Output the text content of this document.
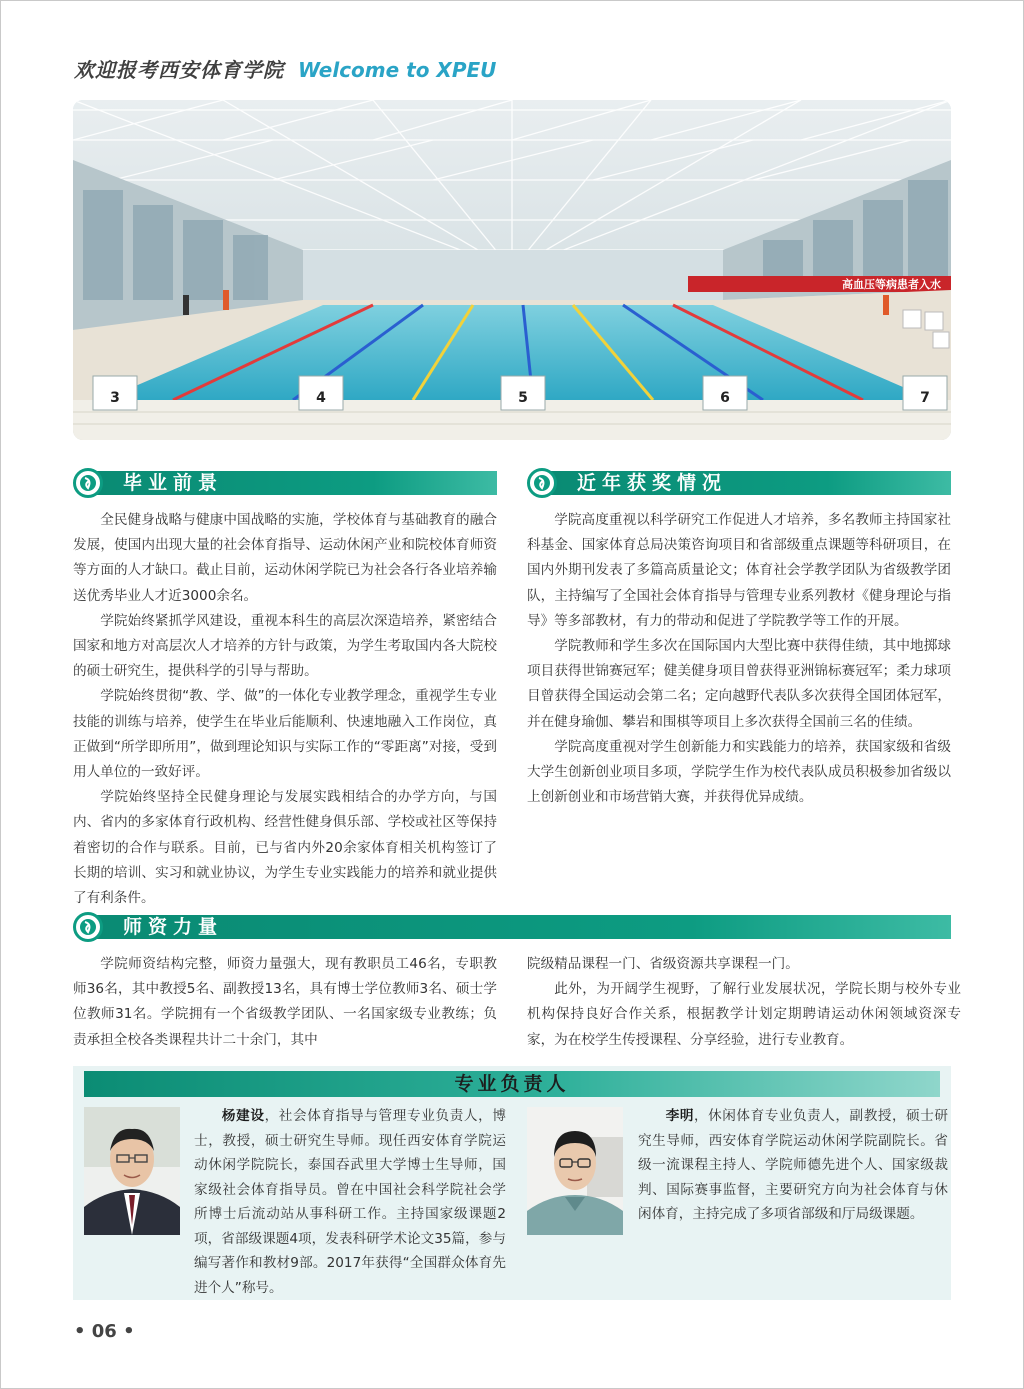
欢迎报考西安体育学院 Welcome to XPEU
高血压等病患者入水
3	4	5	6	7
毕业前景

全民健身战略与健康中国战略的实施，学校体育与基础教育的融合发展，使国内出现大量的社会体育指导、运动休闲产业和院校体育师资等方面的人才缺口。截止目前，运动休闲学院已为社会各行各业培养输送优秀毕业人才近3000余名。

学院始终紧抓学风建设，重视本科生的高层次深造培养，紧密结合国家和地方对高层次人才培养的方针与政策，为学生考取国内各大院校的硕士研究生，提供科学的引导与帮助。

学院始终贯彻“教、学、做”的一体化专业教学理念，重视学生专业技能的训练与培养，使学生在毕业后能顺利、快速地融入工作岗位，真正做到“所学即所用”，做到理论知识与实际工作的“零距离”对接，受到用人单位的一致好评。

学院始终坚持全民健身理论与发展实践相结合的办学方向，与国内、省内的多家体育行政机构、经营性健身俱乐部、学校或社区等保持着密切的合作与联系。目前，已与省内外20余家体育相关机构签订了长期的培训、实习和就业协议，为学生专业实践能力的培养和就业提供了有利条件。

近年获奖情况

学院高度重视以科学研究工作促进人才培养，多名教师主持国家社科基金、国家体育总局决策咨询项目和省部级重点课题等科研项目，在国内外期刊发表了多篇高质量论文；体育社会学教学团队为省级教学团队，主持编写了全国社会体育指导与管理专业系列教材《健身理论与指导》等多部教材，有力的带动和促进了学院教学等工作的开展。

学院教师和学生多次在国际国内大型比赛中获得佳绩，其中地掷球项目获得世锦赛冠军；健美健身项目曾获得亚洲锦标赛冠军；柔力球项目曾获得全国运动会第二名；定向越野代表队多次获得全国团体冠军，并在健身瑜伽、攀岩和围棋等项目上多次获得全国前三名的佳绩。

学院高度重视对学生创新能力和实践能力的培养，获国家级和省级大学生创新创业项目多项，学院学生作为校代表队成员积极参加省级以上创新创业和市场营销大赛，并获得优异成绩。

师资力量

学院师资结构完整，师资力量强大，现有教职员工46名，专职教师36名，其中教授5名、副教授13名，具有博士学位教师3名、硕士学位教师31名。学院拥有一个省级教学团队、一名国家级专业教练；负责承担全校各类课程共计二十余门，其中

院级精品课程一门、省级资源共享课程一门。

此外，为开阔学生视野，了解行业发展状况，学院长期与校外专业机构保持良好合作关系，根据教学计划定期聘请运动休闲领域资深专家，为在校学生传授课程、分享经验，进行专业教育。

专业负责人
杨建设，社会体育指导与管理专业负责人，博士，教授，硕士研究生导师。现任西安体育学院运动休闲学院院长，泰国吞武里大学博士生导师，国家级社会体育指导员。曾在中国社会科学院社会学所博士后流动站从事科研工作。主持国家级课题2项，省部级课题4项，发表科研学术论文35篇，参与编写著作和教材9部。2017年获得“全国群众体育先进个人”称号。
李明，休闲体育专业负责人，副教授，硕士研究生导师，西安体育学院运动休闲学院副院长。省级一流课程主持人、学院师德先进个人、国家级裁判、国际赛事监督，主要研究方向为社会体育与休闲体育，主持完成了多项省部级和厅局级课题。
• 06 •
